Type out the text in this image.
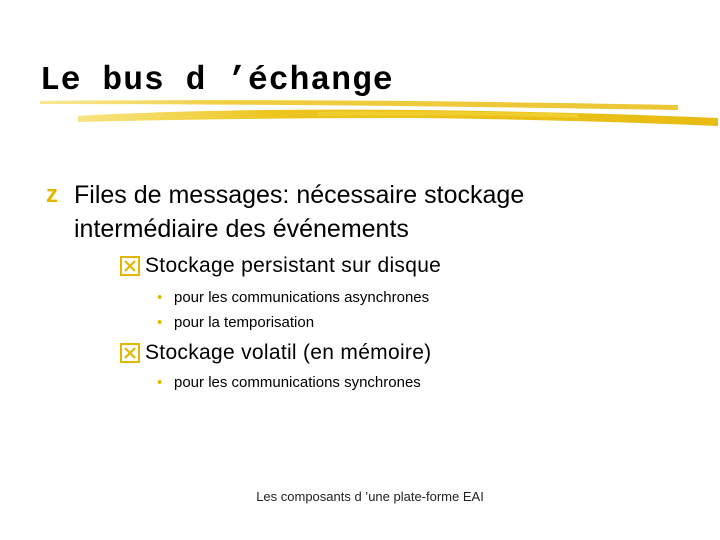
Le bus d ’échange
z Files de messages: nécessaire stockage intermédiaire des événements
Stockage persistant sur disque
• pour les communications asynchrones
• pour la temporisation
Stockage volatil (en mémoire)
• pour les communications synchrones
Les composants d ’une plate-forme EAI
